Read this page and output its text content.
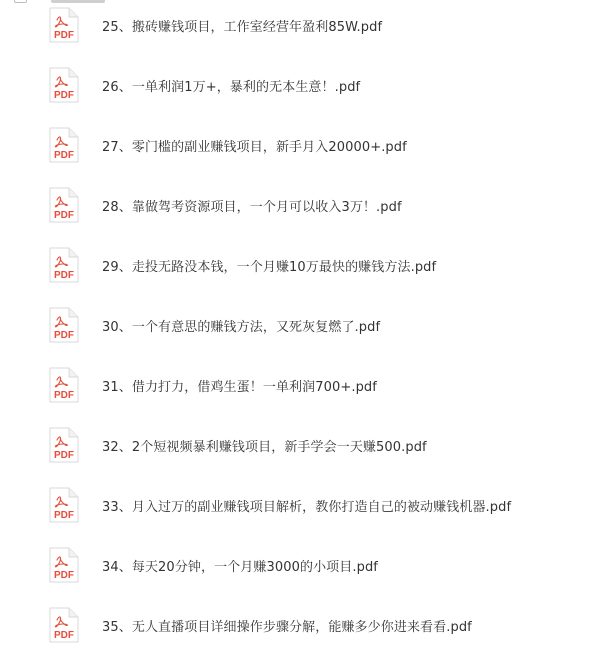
PDF
25、搬砖赚钱项目，工作室经营年盈利85W.pdf
PDF
26、一单利润1万+，暴利的无本生意！.pdf
PDF
27、零门槛的副业赚钱项目，新手月入20000+.pdf
PDF
28、靠做驾考资源项目，一个月可以收入3万！.pdf
PDF
29、走投无路没本钱，一个月赚10万最快的赚钱方法.pdf
PDF
30、一个有意思的赚钱方法，又死灰复燃了.pdf
PDF
31、借力打力，借鸡生蛋！一单利润700+.pdf
PDF
32、2个短视频暴利赚钱项目，新手学会一天赚500.pdf
PDF
33、月入过万的副业赚钱项目解析，教你打造自己的被动赚钱机器.pdf
PDF
34、每天20分钟，一个月赚3000的小项目.pdf
PDF
35、无人直播项目详细操作步骤分解，能赚多少你进来看看.pdf
